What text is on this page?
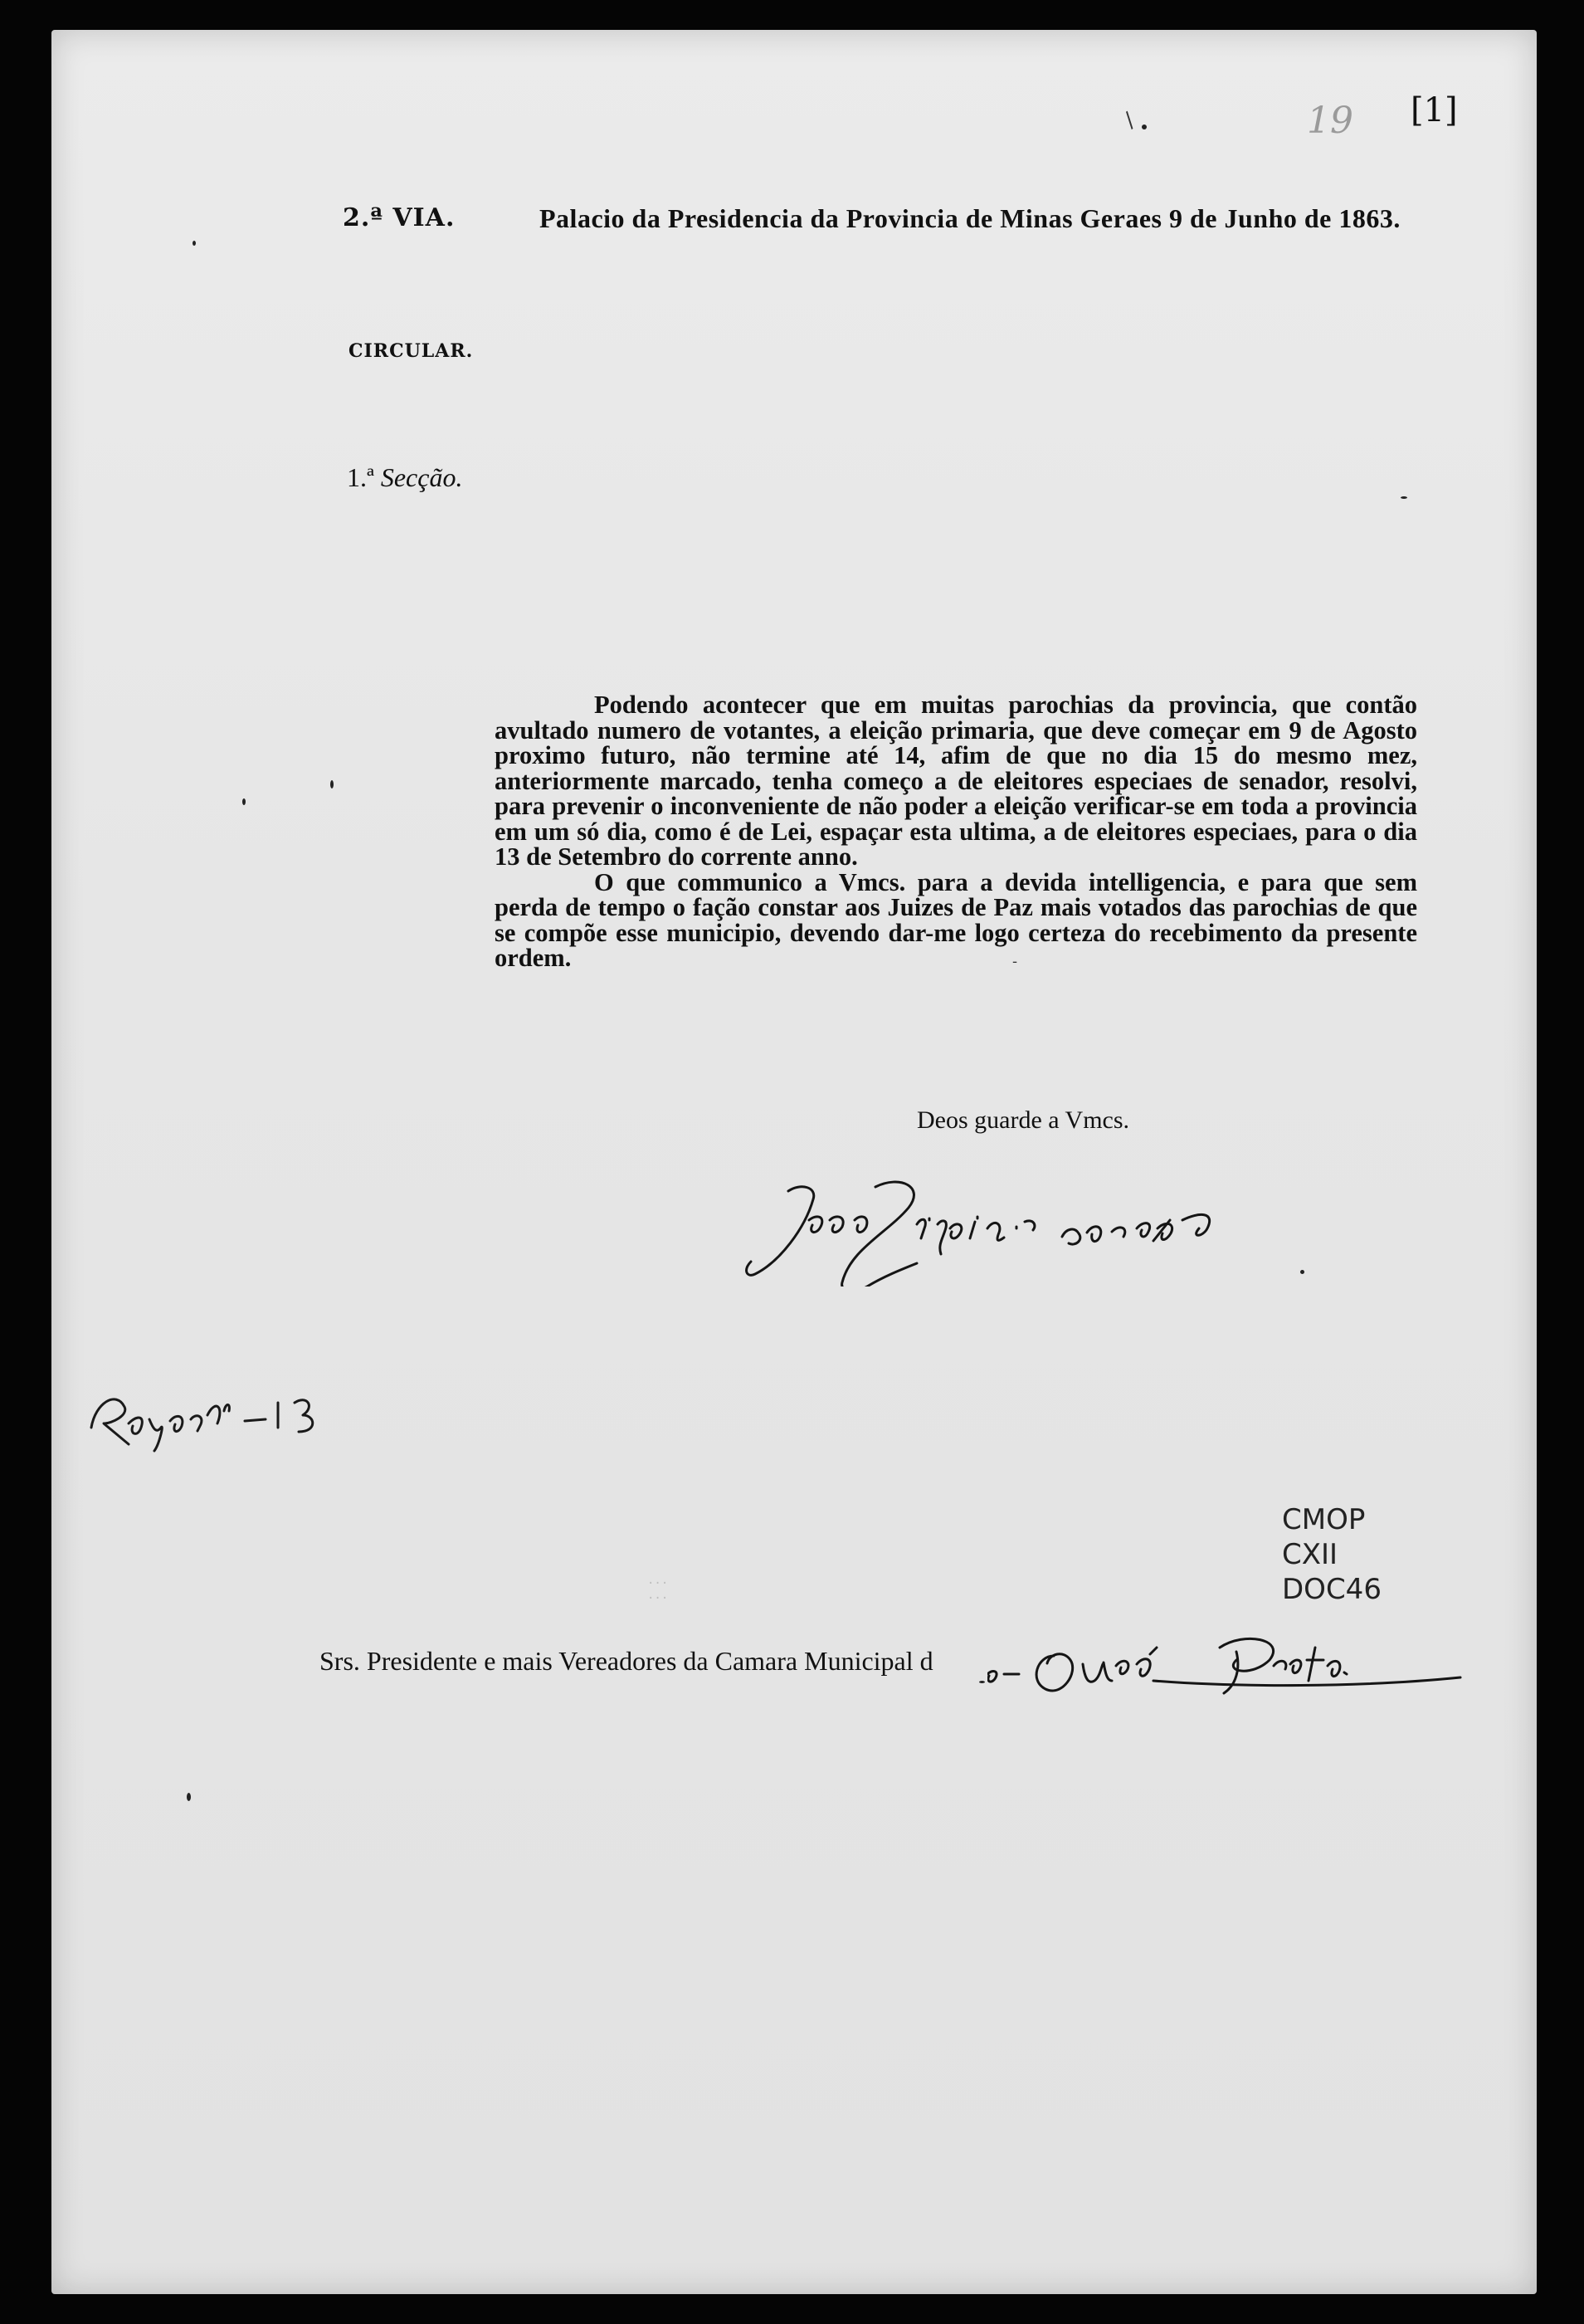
[1]
19
2.ª VIA.	Palacio da Presidencia da Provincia de Minas Geraes 9 de Junho de 1863.
CIRCULAR.
1.ª Secção.

Podendo acontecer que em muitas parochias da provincia, que contão avultado numero de votantes, a eleição primaria, que deve começar em 9 de Agosto proximo futuro, não termine até 14, afim de que no dia 15 do mesmo mez, anteriormente marcado, tenha começo a de eleitores especiaes de senador, resolvi, para prevenir o inconveniente de não poder a eleição verificar-se em toda a provincia em um só dia, como é de Lei, espaçar esta ultima, a de eleitores especiaes, para o dia 13 de Setembro do corrente anno.

O que communico a Vmcs. para a devida intelligencia, e para que sem perda de tempo o fação constar aos Juizes de Paz mais votados das parochias de que se compõe esse municipio, devendo dar-me logo certeza do recebimento da presente ordem.

Deos guarde a Vmcs.
CMOP
CXII
DOC46
...
...
Srs. Presidente e mais Vereadores da Camara Municipal d
/
-
